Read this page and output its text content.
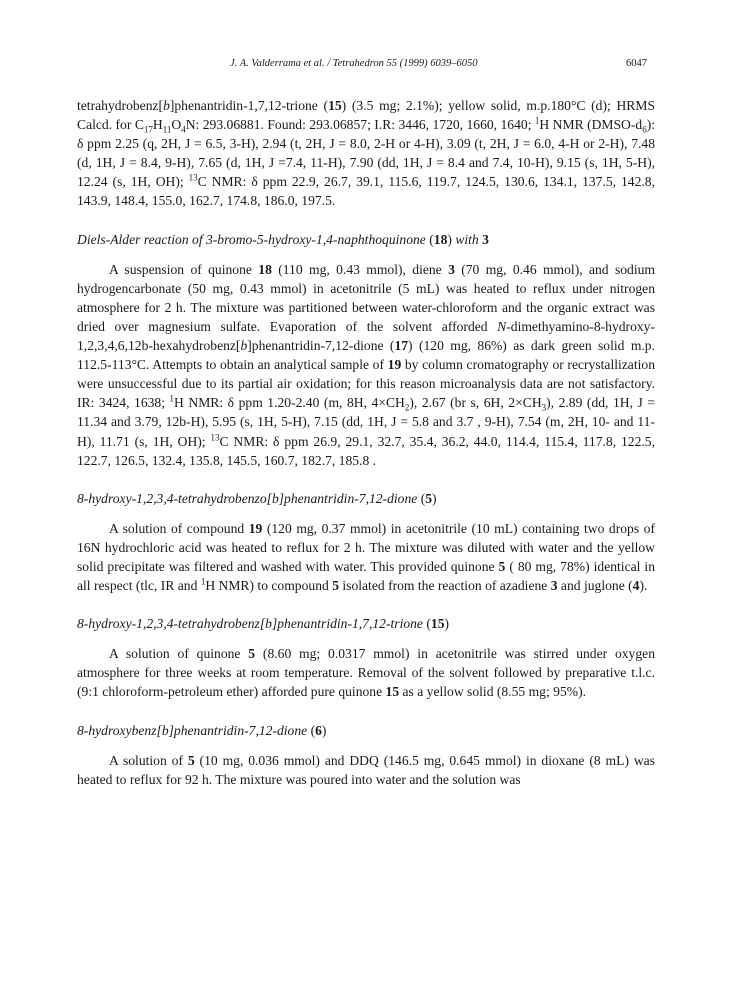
J. A. Valderrama et al. / Tetrahedron 55 (1999) 6039–6050	6047

tetrahydrobenz[b]phenantridin-1,7,12-trione (15) (3.5 mg; 2.1%); yellow solid, m.p.180°C (d); HRMS Calcd. for $C_{17}H_{11}O_4N$: 293.06881. Found: 293.06857; I.R: 3446, 1720, 1660, 1640; $^1$H NMR $(DMSO-d_6)$: δ ppm 2.25 (q, 2H, J = 6.5, 3-H), 2.94 (t, 2H, J = 8.0, 2-H or 4-H), 3.09 (t, 2H, J = 6.0, 4-H or 2-H), 7.48 (d, 1H, J = 8.4, 9-H), 7.65 (d, 1H, J =7.4, 11-H), 7.90 (dd, 1H, J = 8.4 and 7.4, 10-H), 9.15 (s, 1H, 5-H), 12.24 (s, 1H, OH); $^{13}$C NMR: δ ppm 22.9, 26.7, 39.1, 115.6, 119.7, 124.5, 130.6, 134.1, 137.5, 142.8, 143.9, 148.4, 155.0, 162.7, 174.8, 186.0, 197.5.

Diels-Alder reaction of 3-bromo-5-hydroxy-1,4-naphthoquinone (18) with 3

A suspension of quinone 18 (110 mg, 0.43 mmol), diene 3 (70 mg, 0.46 mmol), and sodium hydrogencarbonate (50 mg, 0.43 mmol) in acetonitrile (5 mL) was heated to reflux under nitrogen atmosphere for 2 h. The mixture was partitioned between water-chloroform and the organic extract was dried over magnesium sulfate. Evaporation of the solvent afforded N-dimethyamino-8-hydroxy-1,2,3,4,6,12b-hexahydrobenz[b]phenantridin-7,12-dione (17) (120 mg, 86%) as dark green solid m.p. 112.5-113°C. Attempts to obtain an analytical sample of 19 by column cromatography or recrystallization were unsuccessful due to its partial air oxidation; for this reason microanalysis data are not satisfactory. IR: 3424, 1638; $^1$H NMR: δ ppm 1.20-2.40 (m, 8H, $4\times CH_2$), 2.67 (br s, 6H, $2\times CH_3$), 2.89 (dd, 1H, J = 11.34 and 3.79, 12b-H), 5.95 (s, 1H, 5-H), 7.15 (dd, 1H, J = 5.8 and 3.7 , 9-H), 7.54 (m, 2H, 10- and 11-H), 11.71 (s, 1H, OH); $^{13}$C NMR: δ ppm 26.9, 29.1, 32.7, 35.4, 36.2, 44.0, 114.4, 115.4, 117.8, 122.5, 122.7, 126.5, 132.4, 135.8, 145.5, 160.7, 182.7, 185.8 .

8-hydroxy-1,2,3,4-tetrahydrobenzo[b]phenantridin-7,12-dione (5)

A solution of compound 19 (120 mg, 0.37 mmol) in acetonitrile (10 mL) containing two drops of 16N hydrochloric acid was heated to reflux for 2 h. The mixture was diluted with water and the yellow solid precipitate was filtered and washed with water. This provided quinone 5 ( 80 mg, 78%) identical in all respect (tlc, IR and $^1$H NMR) to compound 5 isolated from the reaction of azadiene 3 and juglone (4).

8-hydroxy-1,2,3,4-tetrahydrobenz[b]phenantridin-1,7,12-trione (15)

A solution of quinone 5 (8.60 mg; 0.0317 mmol) in acetonitrile was stirred under oxygen atmosphere for three weeks at room temperature. Removal of the solvent followed by preparative t.l.c. (9:1 chloroform-petroleum ether) afforded pure quinone 15 as a yellow solid (8.55 mg; 95%).

8-hydroxybenz[b]phenantridin-7,12-dione (6)

A solution of 5 (10 mg, 0.036 mmol) and DDQ (146.5 mg, 0.645 mmol) in dioxane (8 mL) was heated to reflux for 92 h. The mixture was poured into water and the solution was
